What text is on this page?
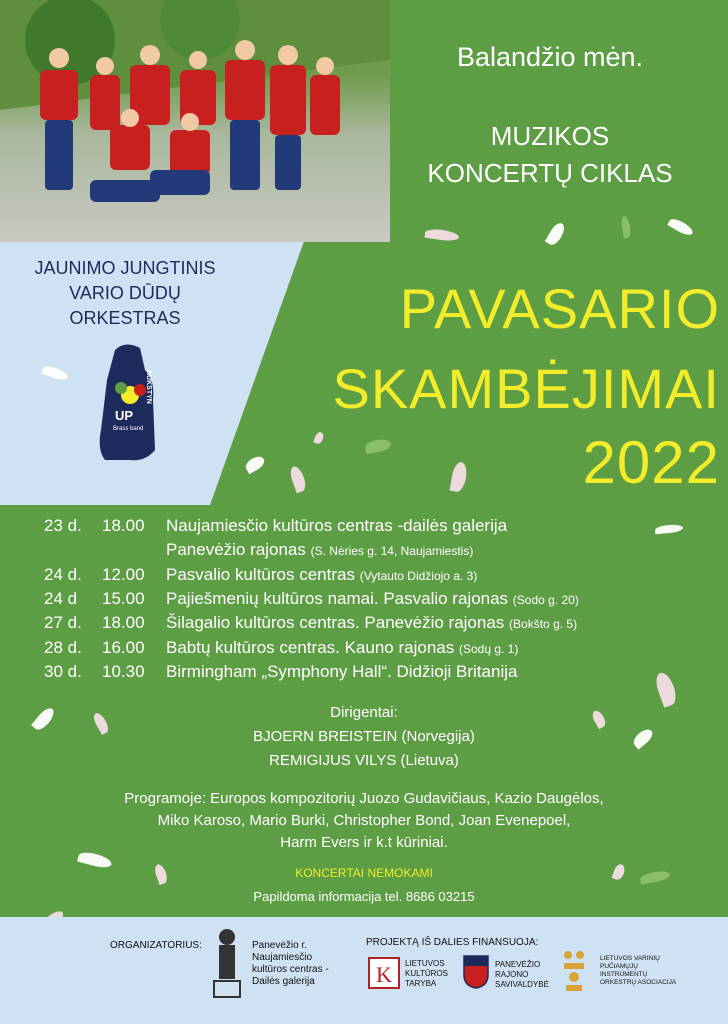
Balandžio mėn.
MUZIKOS
KONCERTŲ CIKLAS
PAVASARIO
SKAMBĖJIMAI
2022
JAUNIMO JUNGTINIS
VARIO DŪDŲ
ORKESTRAS
UP
AUKSTYN
Brass band
23 d. 18.00 Naujamiesčio kultūros centras -dailės galerija
Panevėžio rajonas (S. Nėries g. 14, Naujamiestis)
24 d. 12.00 Pasvalio kultūros centras (Vytauto Didžiojo a. 3)
24 d 15.00 Pajiešmenių kultūros namai. Pasvalio rajonas (Sodo g. 20)
27 d. 18.00 Šilagalio kultūros centras. Panevėžio rajonas (Bokšto g. 5)
28 d. 16.00 Babtų kultūros centras. Kauno rajonas (Sodų g. 1)
30 d. 10.30 Birmingham „Symphony Hall“. Didžioji Britanija
Dirigentai:
BJOERN BREISTEIN (Norvegija)
REMIGIJUS VILYS (Lietuva)
Programoje: Europos kompozitorių Juozo Gudavičiaus, Kazio Daugėlos,
Miko Karoso, Mario Burki, Christopher Bond, Joan Evenepoel,
Harm Evers ir k.t kūriniai.
KONCERTAI NEMOKAMI
Papildoma informacija tel. 8686 03215
ORGANIZATORIUS:	Panevėžio r.
Naujamiesčio
kultūros centras -
Dailės galerija
PROJEKTĄ IŠ DALIES FINANSUOJA:
K	LIETUVOS
KULTŪROS
TARYBA
PANEVĖŽIO
RAJONO
SAVIVALDYBĖ
LIETUVOS VARINIŲ
PUČIAMŲJŲ
INSTRUMENTŲ
ORKESTRŲ ASOCIACIJA
